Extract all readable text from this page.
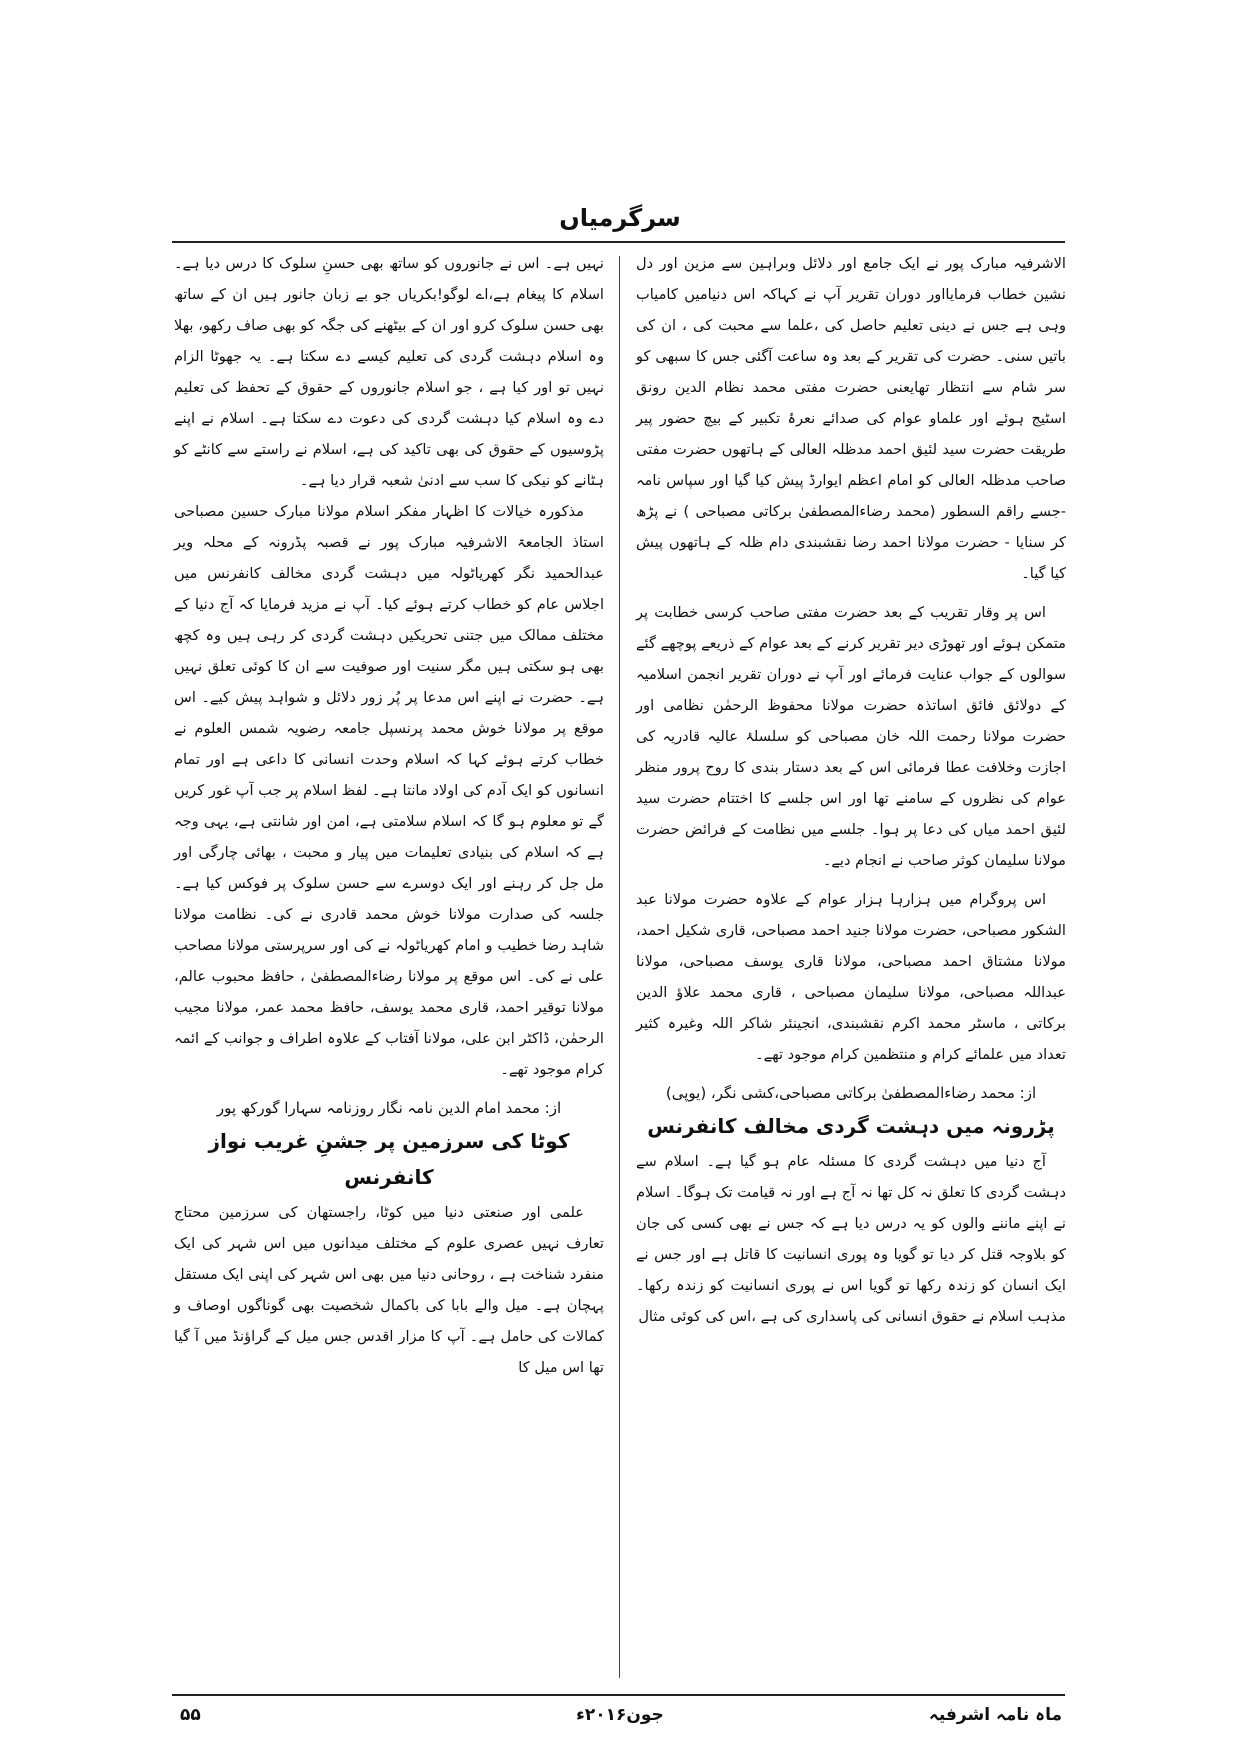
سرگرمیاں

الاشرفیہ مبارک پور نے ایک جامع اور دلائل وبراہین سے مزین اور دل نشین خطاب فرمایااور دوران تقریر آپ نے کہاکہ اس دنیامیں کامیاب وہی ہے جس نے دینی تعلیم حاصل کی ،علما سے محبت کی ، ان کی باتیں سنی۔ حضرت کی تقریر کے بعد وہ ساعت آگئی جس کا سبھی کو سر شام سے انتظار تھایعنی حضرت مفتی محمد نظام الدین رونق اسٹیج ہوئے اور علماو عوام کی صدائے نعرۂ تکبیر کے بیچ حضور پیر طریقت حضرت سید لئیق احمد مدظلہ العالی کے ہاتھوں حضرت مفتی صاحب مدظلہ العالی کو امام اعظم ایوارڈ پیش کیا گیا اور سپاس نامہ -جسے راقم السطور (محمد رضاءالمصطفیٰ برکاتی مصباحی ) نے پڑھ کر سنایا - حضرت مولانا احمد رضا نقشبندی دام ظلہ کے ہاتھوں پیش کیا گیا۔

اس پر وقار تقریب کے بعد حضرت مفتی صاحب کرسی خطابت پر متمکن ہوئے اور تھوڑی دیر تقریر کرنے کے بعد عوام کے ذریعے پوچھے گئے سوالوں کے جواب عنایت فرمائے اور آپ نے دوران تقریر انجمن اسلامیہ کے دولائق فائق اساتذہ حضرت مولانا محفوظ الرحمٰن نظامی اور حضرت مولانا رحمت اللہ خان مصباحی کو سلسلۂ عالیہ قادریہ کی اجازت وخلافت عطا فرمائی اس کے بعد دستار بندی کا روح پرور منظر عوام کی نظروں کے سامنے تھا اور اس جلسے کا اختتام حضرت سید لئیق احمد میاں کی دعا پر ہوا۔ جلسے میں نظامت کے فرائض حضرت مولانا سلیمان کوثر صاحب نے انجام دیے۔

اس پروگرام میں ہزارہا ہزار عوام کے علاوہ حضرت مولانا عبد الشکور مصباحی، حضرت مولانا جنید احمد مصباحی، قاری شکیل احمد، مولانا مشتاق احمد مصباحی، مولانا قاری یوسف مصباحی، مولانا عبداللہ مصباحی، مولانا سلیمان مصباحی ، قاری محمد علاؤ الدین برکاتی ، ماسٹر محمد اکرم نقشبندی، انجینئر شاکر اللہ وغیرہ کثیر تعداد میں علمائے کرام و منتظمین کرام موجود تھے۔

از: محمد رضاءالمصطفیٰ برکاتی مصباحی،کشی نگر، (یوپی)
پڑرونہ میں دہشت گردی مخالف کانفرنس

آج دنیا میں دہشت گردی کا مسئلہ عام ہو گیا ہے۔ اسلام سے دہشت گردی کا تعلق نہ کل تھا نہ آج ہے اور نہ قیامت تک ہوگا۔ اسلام نے اپنے ماننے والوں کو یہ درس دیا ہے کہ جس نے بھی کسی کی جان کو بلاوجہ قتل کر دیا تو گویا وہ پوری انسانیت کا قاتل ہے اور جس نے ایک انسان کو زندہ رکھا تو گویا اس نے پوری انسانیت کو زندہ رکھا۔ مذہب اسلام نے حقوق انسانی کی پاسداری کی ہے ،اس کی کوئی مثال

نہیں ہے۔ اس نے جانوروں کو ساتھ بھی حسنِ سلوک کا درس دیا ہے۔اسلام کا پیغام ہے،اے لوگو!بکریاں جو بے زبان جانور ہیں ان کے ساتھ بھی حسن سلوک کرو اور ان کے بیٹھنے کی جگہ کو بھی صاف رکھو، بھلا وہ اسلام دہشت گردی کی تعلیم کیسے دے سکتا ہے۔ یہ جھوٹا الزام نہیں تو اور کیا ہے ، جو اسلام جانوروں کے حقوق کے تحفظ کی تعلیم دے وہ اسلام کیا دہشت گردی کی دعوت دے سکتا ہے۔ اسلام نے اپنے پڑوسیوں کے حقوق کی بھی تاکید کی ہے، اسلام نے راستے سے کانٹے کو ہٹانے کو نیکی کا سب سے ادنیٰ شعبہ قرار دیا ہے۔

مذکورہ خیالات کا اظہار مفکر اسلام مولانا مبارک حسین مصباحی استاذ الجامعۃ الاشرفیہ مبارک پور نے قصبہ پڈرونہ کے محلہ ویر عبدالحمید نگر کھریاٹولہ میں دہشت گردی مخالف کانفرنس میں اجلاس عام کو خطاب کرتے ہوئے کیا۔ آپ نے مزید فرمایا کہ آج دنیا کے مختلف ممالک میں جتنی تحریکیں دہشت گردی کر رہی ہیں وہ کچھ بھی ہو سکتی ہیں مگر سنیت اور صوفیت سے ان کا کوئی تعلق نہیں ہے۔ حضرت نے اپنے اس مدعا پر پُر زور دلائل و شواہد پیش کیے۔ اس موقع پر مولانا خوش محمد پرنسپل جامعہ رضویہ شمس العلوم نے خطاب کرتے ہوئے کہا کہ اسلام وحدت انسانی کا داعی ہے اور تمام انسانوں کو ایک آدم کی اولاد مانتا ہے۔ لفظ اسلام پر جب آپ غور کریں گے تو معلوم ہو گا کہ اسلام سلامتی ہے، امن اور شانتی ہے، یہی وجہ ہے کہ اسلام کی بنیادی تعلیمات میں پیار و محبت ، بھائی چارگی اور مل جل کر رہنے اور ایک دوسرے سے حسن سلوک پر فوکس کیا ہے۔ جلسہ کی صدارت مولانا خوش محمد قادری نے کی۔ نظامت مولانا شاہد رضا خطیب و امام کھریاٹولہ نے کی اور سرپرستی مولانا مصاحب علی نے کی۔ اس موقع پر مولانا رضاءالمصطفیٰ ، حافظ محبوب عالم، مولانا توقیر احمد، قاری محمد یوسف، حافظ محمد عمر، مولانا مجیب الرحمٰن، ڈاکٹر ابن علی، مولانا آفتاب کے علاوہ اطراف و جوانب کے ائمہ کرام موجود تھے۔

از: محمد امام الدین نامہ نگار روزنامہ سہارا گورکھ پور
کوٹا کی سرزمین پر جشنِ غریب نواز کانفرنس

علمی اور صنعتی دنیا میں کوٹا، راجستھان کی سرزمین محتاج تعارف نہیں عصری علوم کے مختلف میدانوں میں اس شہر کی ایک منفرد شناخت ہے ، روحانی دنیا میں بھی اس شہر کی اپنی ایک مستقل پہچان ہے۔ میل والے بابا کی باکمال شخصیت بھی گوناگوں اوصاف و کمالات کی حامل ہے۔ آپ کا مزار اقدس جس میل کے گراؤنڈ میں آ گیا تھا اس میل کا

۵۵	جون۲۰۱۶ء	ماہ نامہ اشرفیہ
